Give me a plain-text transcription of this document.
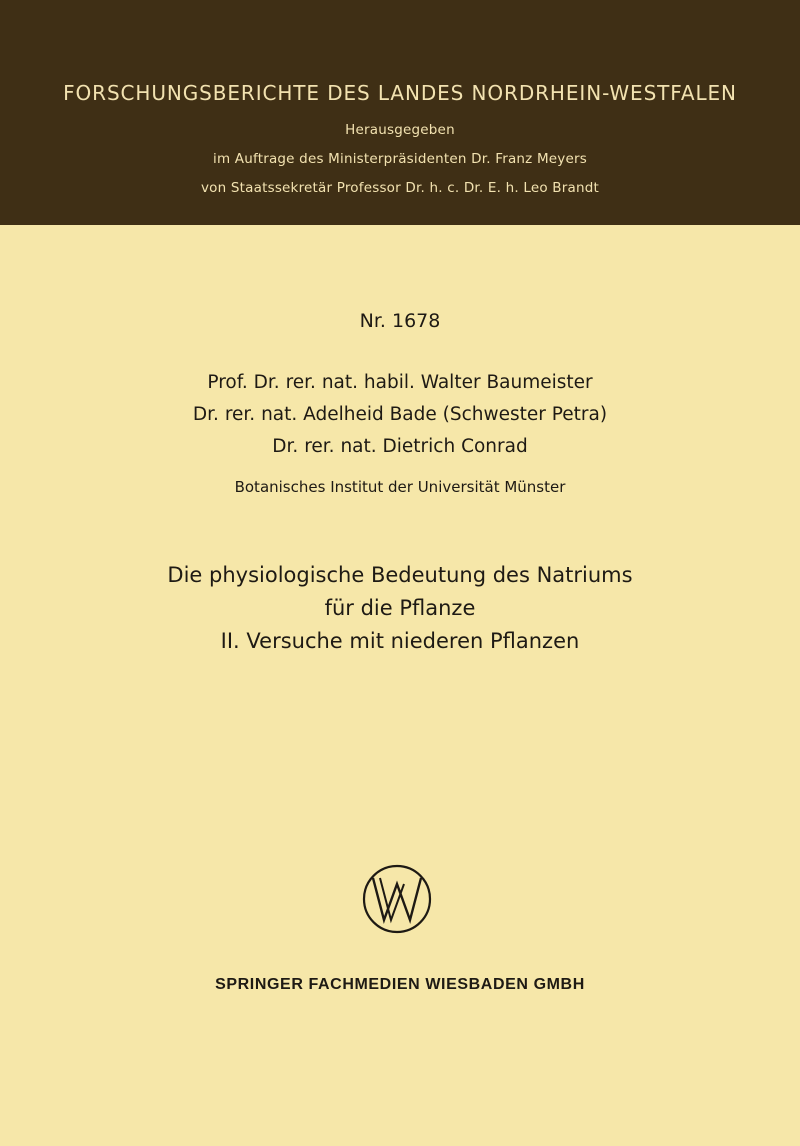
FORSCHUNGSBERICHTE DES LANDES NORDRHEIN-WESTFALEN
Herausgegeben
im Auftrage des Ministerpräsidenten Dr. Franz Meyers
von Staatssekretär Professor Dr. h. c. Dr. E. h. Leo Brandt
Nr. 1678
Prof. Dr. rer. nat. habil. Walter Baumeister
Dr. rer. nat. Adelheid Bade (Schwester Petra)
Dr. rer. nat. Dietrich Conrad
Botanisches Institut der Universität Münster
Die physiologische Bedeutung des Natriums
für die Pflanze
II. Versuche mit niederen Pflanzen
SPRINGER FACHMEDIEN WIESBADEN GMBH
